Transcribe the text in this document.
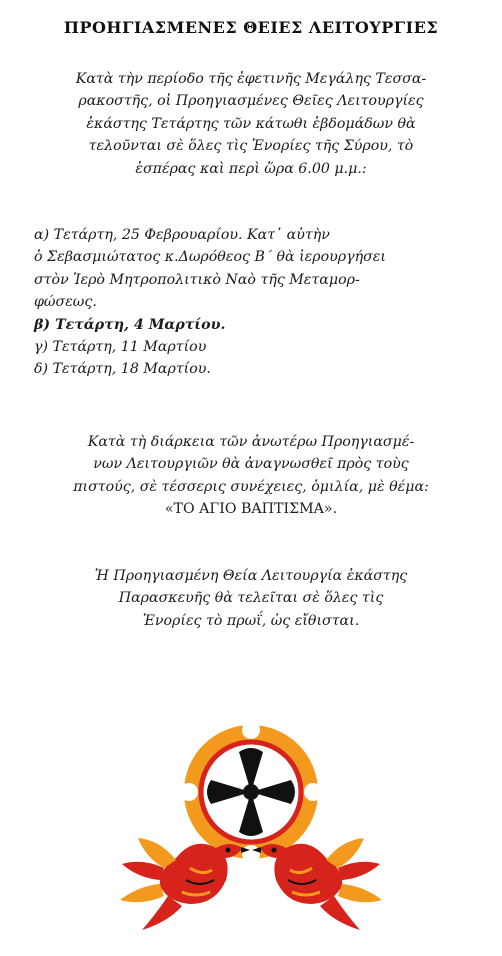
ΠΡΟΗΓΙΑΣΜΕΝΕΣ ΘΕΙΕΣ ΛΕΙΤΟΥΡΓΙΕΣ
Κατὰ τὴν περίοδο τῆς ἐφετινῆς Μεγάλης Τεσσα-
ρακοστῆς, οἱ Προηγιασμένες Θεῖες Λειτουργίες
ἑκάστης Τετάρτης τῶν κάτωθι ἑβδομάδων θὰ
τελοῦνται σὲ ὅλες τὶς Ἐνορίες τῆς Σύρου, τὸ
ἑσπέρας καὶ περὶ ὥρα 6.00 μ.μ.:
α) Τετάρτη, 25 Φεβρουαρίου. Κατ᾽ αὐτὴν
ὁ Σεβασμιώτατος κ.Δωρόθεος Β΄ θὰ ἱερουργήσει
στὸν Ἱερὸ Μητροπολιτικὸ Ναὸ τῆς Μεταμορ-
φώσεως.
β) Τετάρτη, 4 Μαρτίου.
γ) Τετάρτη, 11 Μαρτίου
δ) Τετάρτη, 18 Μαρτίου.
Κατὰ τὴ διάρκεια τῶν ἀνωτέρω Προηγιασμέ-
νων Λειτουργιῶν θὰ ἀναγνωσθεῖ πρὸς τοὺς
πιστούς, σὲ τέσσερις συνέχειες, ὁμιλία, μὲ θέμα:
«ΤΟ ΑΓΙΟ ΒΑΠΤΙΣΜΑ».
Ἡ Προηγιασμένη Θεία Λειτουργία ἑκάστης
Παρασκευῆς θὰ τελεῖται σὲ ὅλες τὶς
Ἐνορίες τὸ πρωΐ, ὡς εἴθισται.
